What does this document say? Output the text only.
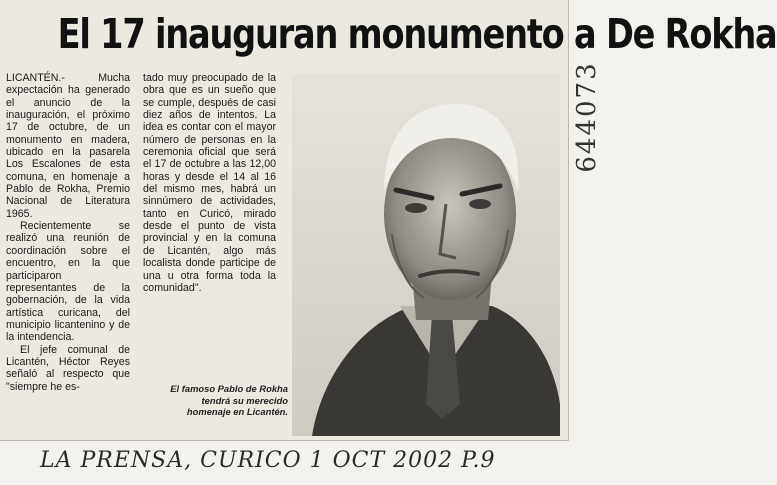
El 17 inauguran monumento a De Rokha

LICANTÉN.- Mucha expectación ha generado el anuncio de la inauguración, el próximo 17 de octubre, de un monumento en madera, ubicado en la pasarela Los Escalones de esta comuna, en homenaje a Pablo de Rokha, Premio Nacional de Literatura 1965.

Recientemente se realizó una reunión de coordinación sobre el encuentro, en la que participaron representantes de la gobernación, de la vida artística curicana, del municipio licantenino y de la intendencia.

El jefe comunal de Licantén, Héctor Reyes señaló al respecto que "siempre he es-

tado muy preocupado de la obra que es un sueño que se cumple, después de casi diez años de intentos. La idea es contar con el mayor número de personas en la ceremonia oficial que será el 17 de octubre a las 12,00 horas y desde el 14 al 16 del mismo mes, habrá un sinnúmero de actividades, tanto en Curicó, mirado desde el punto de vista provincial y en la comuna de Licantén, algo más localista donde participe de una u otra forma toda la comunidad".

El famoso Pablo de Rokha tendrá su merecido homenaje en Licantén.
644073
LA PRENSA, CURICO 1 OCT 2002 P.9
